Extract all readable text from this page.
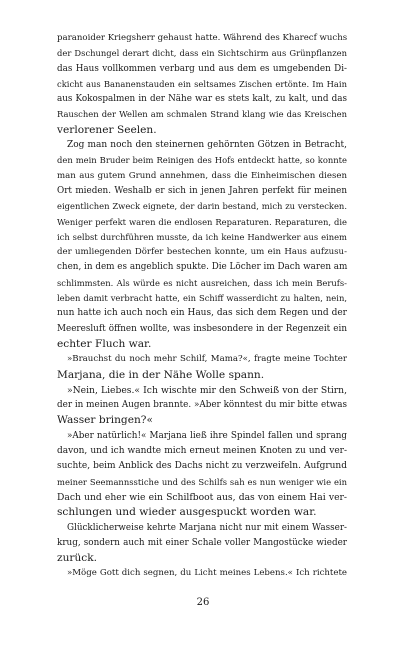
paranoider Kriegsherr gehaust hatte. Während des Kharecf wuchs
der Dschungel derart dicht, dass ein Sichtschirm aus Grünpflanzen
das Haus vollkommen verbarg und aus dem es umgebenden Di-
ckicht aus Bananenstauden ein seltsames Zischen ertönte. Im Hain
aus Kokospalmen in der Nähe war es stets kalt, zu kalt, und das
Rauschen der Wellen am schmalen Strand klang wie das Kreischen
verlorener Seelen.
Zog man noch den steinernen gehörnten Götzen in Betracht,
den mein Bruder beim Reinigen des Hofs entdeckt hatte, so konnte
man aus gutem Grund annehmen, dass die Einheimischen diesen
Ort mieden. Weshalb er sich in jenen Jahren perfekt für meinen
eigentlichen Zweck eignete, der darin bestand, mich zu verstecken.
Weniger perfekt waren die endlosen Reparaturen. Reparaturen, die
ich selbst durchführen musste, da ich keine Handwerker aus einem
der umliegenden Dörfer bestechen konnte, um ein Haus aufzusu-
chen, in dem es angeblich spukte. Die Löcher im Dach waren am
schlimmsten. Als würde es nicht ausreichen, dass ich mein Berufs-
leben damit verbracht hatte, ein Schiff wasserdicht zu halten, nein,
nun hatte ich auch noch ein Haus, das sich dem Regen und der
Meeresluft öffnen wollte, was insbesondere in der Regenzeit ein
echter Fluch war.
»Brauchst du noch mehr Schilf, Mama?«, fragte meine Tochter
Marjana, die in der Nähe Wolle spann.
»Nein, Liebes.« Ich wischte mir den Schweiß von der Stirn,
der in meinen Augen brannte. »Aber könntest du mir bitte etwas
Wasser bringen?«
»Aber natürlich!« Marjana ließ ihre Spindel fallen und sprang
davon, und ich wandte mich erneut meinen Knoten zu und ver-
suchte, beim Anblick des Dachs nicht zu verzweifeln. Aufgrund
meiner Seemannsstiche und des Schilfs sah es nun weniger wie ein
Dach und eher wie ein Schilfboot aus, das von einem Hai ver-
schlungen und wieder ausgespuckt worden war.
Glücklicherweise kehrte Marjana nicht nur mit einem Wasser-
krug, sondern auch mit einer Schale voller Mangostücke wieder
zurück.
»Möge Gott dich segnen, du Licht meines Lebens.« Ich richtete
26
